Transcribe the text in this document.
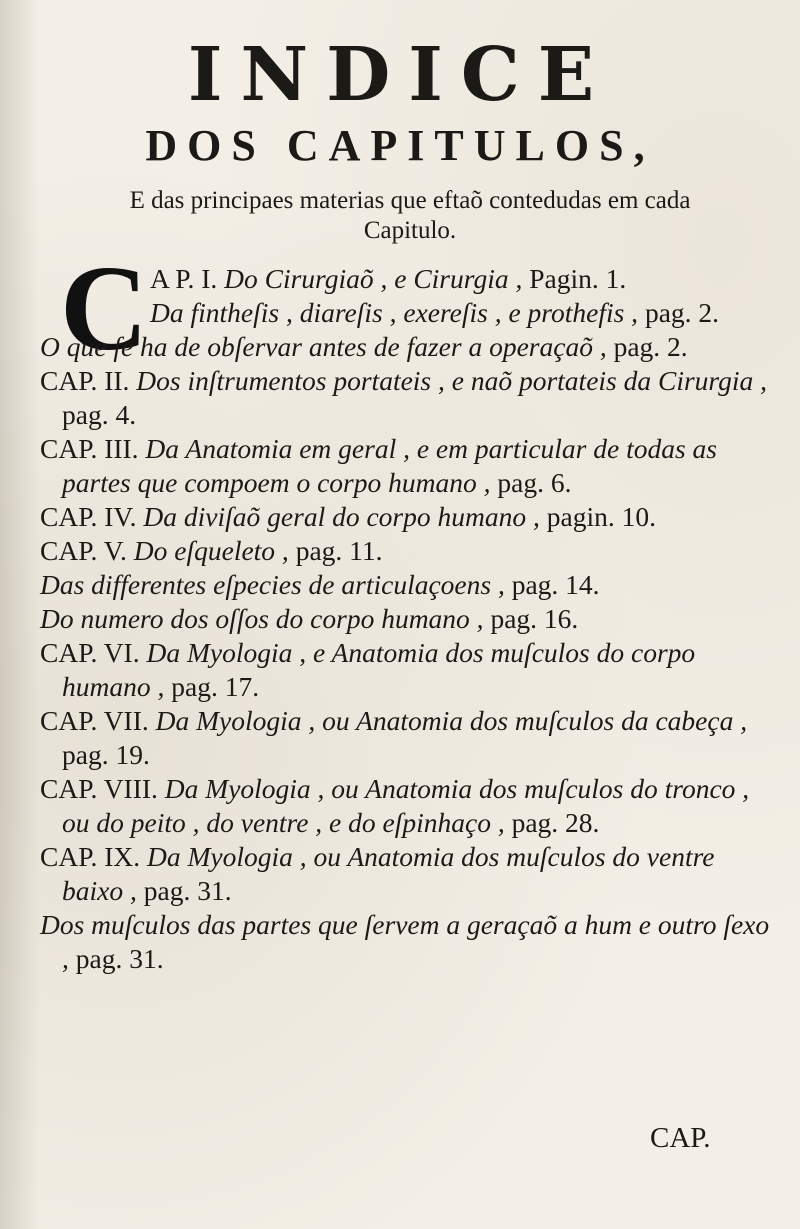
INDICE
DOS CAPITULOS,

E das principaes materias que eftaõ contedudas em cada Capitulo.

C A P. I. Do Cirurgiaõ , e Cirurgia , Pagin. 1.

Da fintheſis , diareſis , exereſis , e prothefis , pag. 2.

O que ſe ha de obſervar antes de fazer a operaçaõ , pag. 2.

CAP. II. Dos inſtrumentos portateis , e naõ portateis da Cirurgia , pag. 4.

CAP. III. Da Anatomia em geral , e em particular de todas as partes que compoem o corpo humano , pag. 6.

CAP. IV. Da diviſaõ geral do corpo humano , pagin. 10.

CAP. V. Do eſqueleto , pag. 11.

Das differentes eſpecies de articulaçoens , pag. 14.

Do numero dos oſſos do corpo humano , pag. 16.

CAP. VI. Da Myologia , e Anatomia dos muſculos do corpo humano , pag. 17.

CAP. VII. Da Myologia , ou Anatomia dos muſculos da cabeça , pag. 19.

CAP. VIII. Da Myologia , ou Anatomia dos muſculos do tronco , ou do peito , do ventre , e do eſpinhaço , pag. 28.

CAP. IX. Da Myologia , ou Anatomia dos muſculos do ventre baixo , pag. 31.

Dos muſculos das partes que ſervem a geraçaõ a hum e outro ſexo , pag. 31.

CAP.
